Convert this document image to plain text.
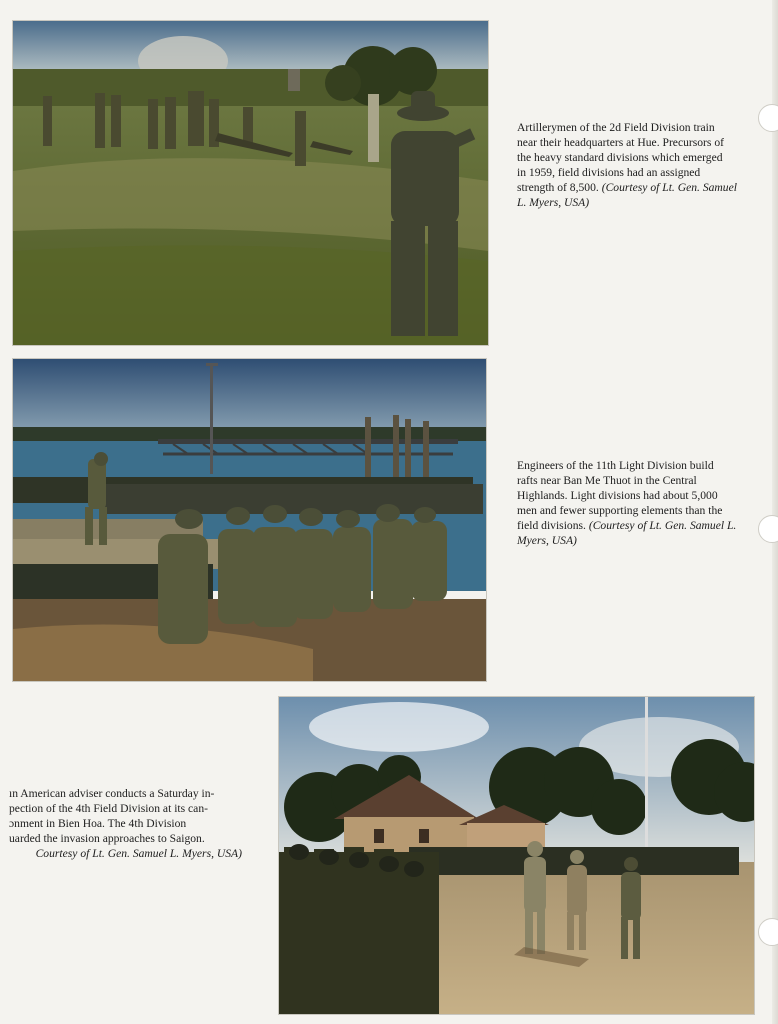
Artillerymen of the 2d Field Division train

near their headquarters at Hue. Precursors of

the heavy standard divisions which emerged

in 1959, field divisions had an assigned

strength of 8,500. (Courtesy of Lt. Gen. Samuel

L. Myers, USA)

Engineers of the 11th Light Division build

rafts near Ban Me Thuot in the Central

Highlands. Light divisions had about 5,000

men and fewer supporting elements than the

field divisions. (Courtesy of Lt. Gen. Samuel L.

Myers, USA)

ın American adviser conducts a Saturday in-

pection of the 4th Field Division at its can-

ɔnment in Bien Hoa. The 4th Division

uarded the invasion approaches to Saigon.

Courtesy of Lt. Gen. Samuel L. Myers, USA)
